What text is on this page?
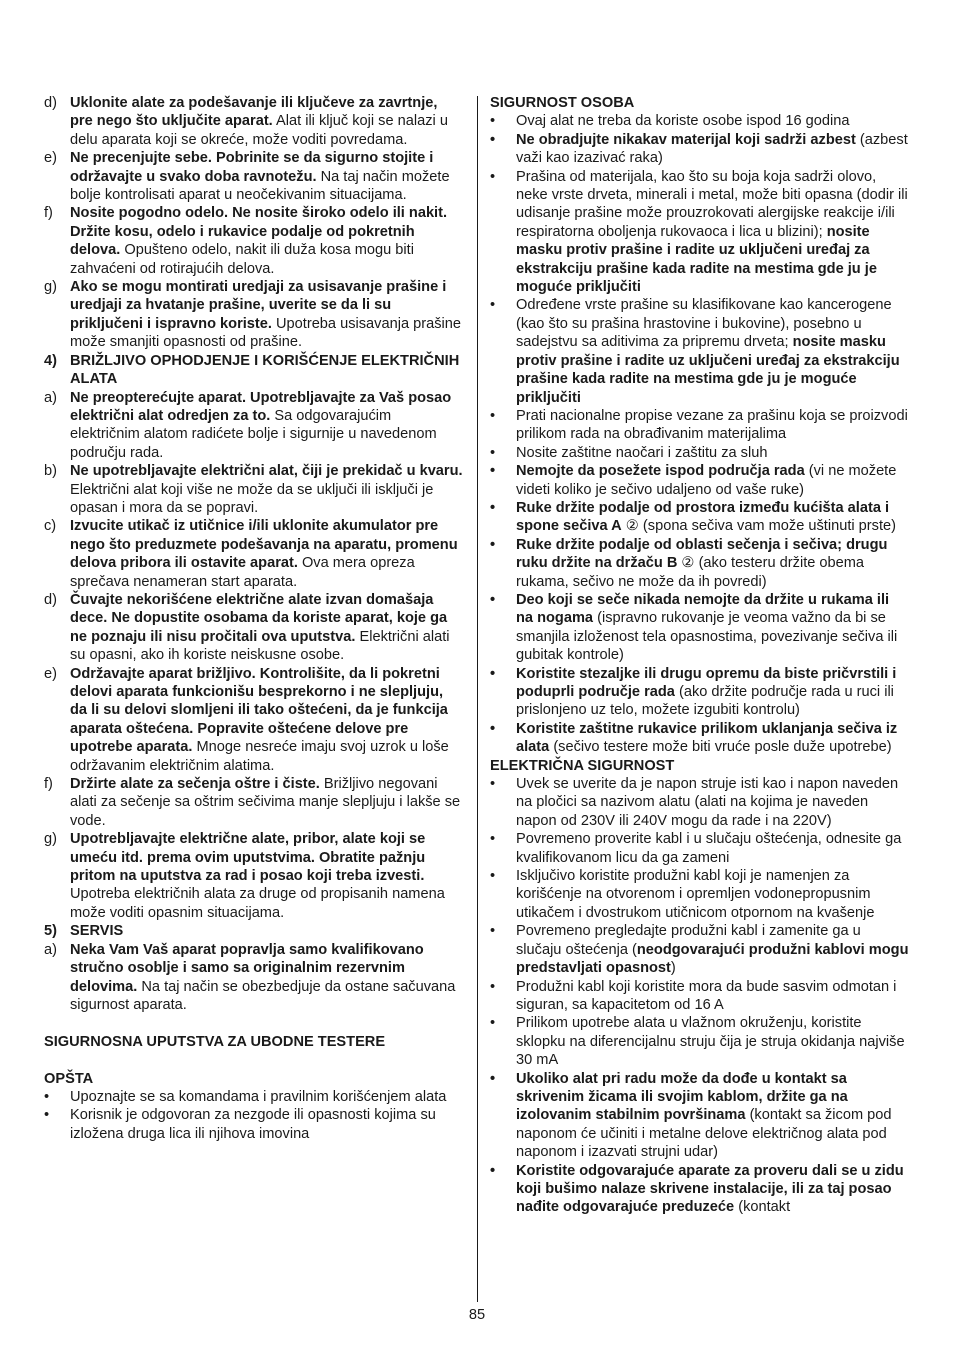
d) Uklonite alate za podešavanje ili ključeve za zavrtnje, pre nego što uključite aparat. Alat ili ključ koji se nalazi u delu aparata koji se okreće, može voditi povredama.
e) Ne precenjujte sebe. Pobrinite se da sigurno stojite i održavajte u svako doba ravnotežu. Na taj način možete bolje kontrolisati aparat u neočekivanim situacijama.
f)	Nosite pogodno odelo. Ne nosite široko odelo ili nakit. Držite kosu, odelo i rukavice podalje od pokretnih delova. Opušteno odelo, nakit ili duža kosa mogu biti zahvaćeni od rotirajućih delova.
g) Ako se mogu montirati uredjaji za usisavanje prašine i uredjaji za hvatanje prašine, uverite se da li su priključeni i ispravno koriste. Upotreba usisavanja prašine može smanjiti opasnosti od prašine.
4) BRIŽLJIVO OPHODJENJE I KORIŠĆENJE ELEKTRIČNIH ALATA
a) Ne preopterećujte aparat. Upotrebljavajte za Vaš posao električni alat odredjen za to. Sa odgovarajućim električnim alatom radićete bolje i sigurnije u navedenom području rada.
b) Ne upotrebljavajte električni alat, čiji je prekidač u kvaru. Električni alat koji više ne može da se uključi ili isključi je opasan i mora da se popravi.
c) Izvucite utikač iz utičnice i/ili uklonite akumulator pre nego što preduzmete podešavanja na aparatu, promenu delova pribora ili ostavite aparat. Ova mera opreza sprečava nenameran start aparata.
d) Čuvajte nekorišćene električne alate izvan domašaja dece. Ne dopustite osobama da koriste aparat, koje ga ne poznaju ili nisu pročitali ova uputstva. Električni alati su opasni, ako ih koriste neiskusne osobe.
e) Održavajte aparat brižljivo. Kontrolišite, da li pokretni delovi aparata funkcionišu besprekorno i ne slepljuju, da li su delovi slomljeni ili tako oštećeni, da je funkcija aparata oštećena. Popravite oštećene delove pre upotrebe aparata. Mnoge nesreće imaju svoj uzrok u loše održavanim električnim alatima.
f)	Držirte alate za sečenja oštre i čiste. Brižljivo negovani alati za sečenje sa oštrim sečivima manje slepljuju i lakše se vode.
g) Upotrebljavajte električne alate, pribor, alate koji se umeću itd. prema ovim uputstvima. Obratite pažnju pritom na uputstva za rad i posao koji treba izvesti. Upotreba električnih alata za druge od propisanih namena može voditi opasnim situacijama.
5) SERVIS
a) Neka Vam Vaš aparat popravlja samo kvalifikovano stručno osoblje i samo sa originalnim rezervnim delovima. Na taj način se obezbedjuje da ostane sačuvana sigurnost aparata.
SIGURNOSNA UPUTSTVA ZA UBODNE TESTERE
OPŠTA
•	Upoznajte se sa komandama i pravilnim korišćenjem alata
•	Korisnik je odgovoran za nezgode ili opasnosti kojima su izložena druga lica ili njihova imovina
SIGURNOST OSOBA
•	Ovaj alat ne treba da koriste osobe ispod 16 godina
•	Ne obradjujte nikakav materijal koji sadrži azbest (azbest važi kao izazivać raka)
•	Prašina od materijala, kao što su boja koja sadrži olovo, neke vrste drveta, minerali i metal, može biti opasna (dodir ili udisanje prašine može prouzrokovati alergijske reakcije i/ili respiratorna oboljenja rukovaoca i lica u blizini); nosite masku protiv prašine i radite uz uključeni uređaj za ekstrakciju prašine kada radite na mestima gde ju je moguće priključiti
•	Određene vrste prašine su klasifikovane kao kancerogene (kao što su prašina hrastovine i bukovine), posebno u sadejstvu sa aditivima za pripremu drveta; nosite masku protiv prašine i radite uz uključeni uređaj za ekstrakciju prašine kada radite na mestima gde ju je moguće priključiti
•	Prati nacionalne propise vezane za prašinu koja se proizvodi prilikom rada na obrađivanim materijalima
•	Nosite zaštitne naočari i zaštitu za sluh
•	Nemojte da posežete ispod područja rada (vi ne možete videti koliko je sečivo udaljeno od vaše ruke)
•	Ruke držite podalje od prostora između kućišta alata i spone sečiva A ② (spona sečiva vam može uštinuti prste)
•	Ruke držite podalje od oblasti sečenja i sečiva; drugu ruku držite na držaču B ② (ako testeru držite obema rukama, sečivo ne može da ih povredi)
•	Deo koji se seče nikada nemojte da držite u rukama ili na nogama (ispravno rukovanje je veoma važno da bi se smanjila izloženost tela opasnostima, povezivanje sečiva ili gubitak kontrole)
•	Koristite stezaljke ili drugu opremu da biste pričvrstili i poduprli područje rada (ako držite područje rada u ruci ili prislonjeno uz telo, možete izgubiti kontrolu)
•	Koristite zaštitne rukavice prilikom uklanjanja sečiva iz alata (sečivo testere može biti vruće posle duže upotrebe)
ELEKTRIČNA SIGURNOST
•	Uvek se uverite da je napon struje isti kao i napon naveden na pločici sa nazivom alatu (alati na kojima je naveden napon od 230V ili 240V mogu da rade i na 220V)
•	Povremeno proverite kabl i u slučaju oštećenja, odnesite ga kvalifikovanom licu da ga zameni
•	Isključivo koristite produžni kabl koji je namenjen za korišćenje na otvorenom i opremljen vodonepropusnim utikačem i dvostrukom utičnicom otpornom na kvašenje
•	Povremeno pregledajte produžni kabl i zamenite ga u slučaju oštećenja (neodgovarajući produžni kablovi mogu predstavljati opasnost)
•	Produžni kabl koji koristite mora da bude sasvim odmotan i siguran, sa kapacitetom od 16 A
•	Prilikom upotrebe alata u vlažnom okruženju, koristite sklopku na diferencijalnu struju čija je struja okidanja najviše 30 mA
•	Ukoliko alat pri radu može da dođe u kontakt sa skrivenim žicama ili svojim kablom, držite ga na izolovanim stabilnim površinama (kontakt sa žicom pod naponom će učiniti i metalne delove električnog alata pod naponom i izazvati strujni udar)
•	Koristite odgovarajuće aparate za proveru dali se u zidu koji bušimo nalaze skrivene instalacije, ili za taj posao nađite odgovarajuće preduzeće (kontakt
85
